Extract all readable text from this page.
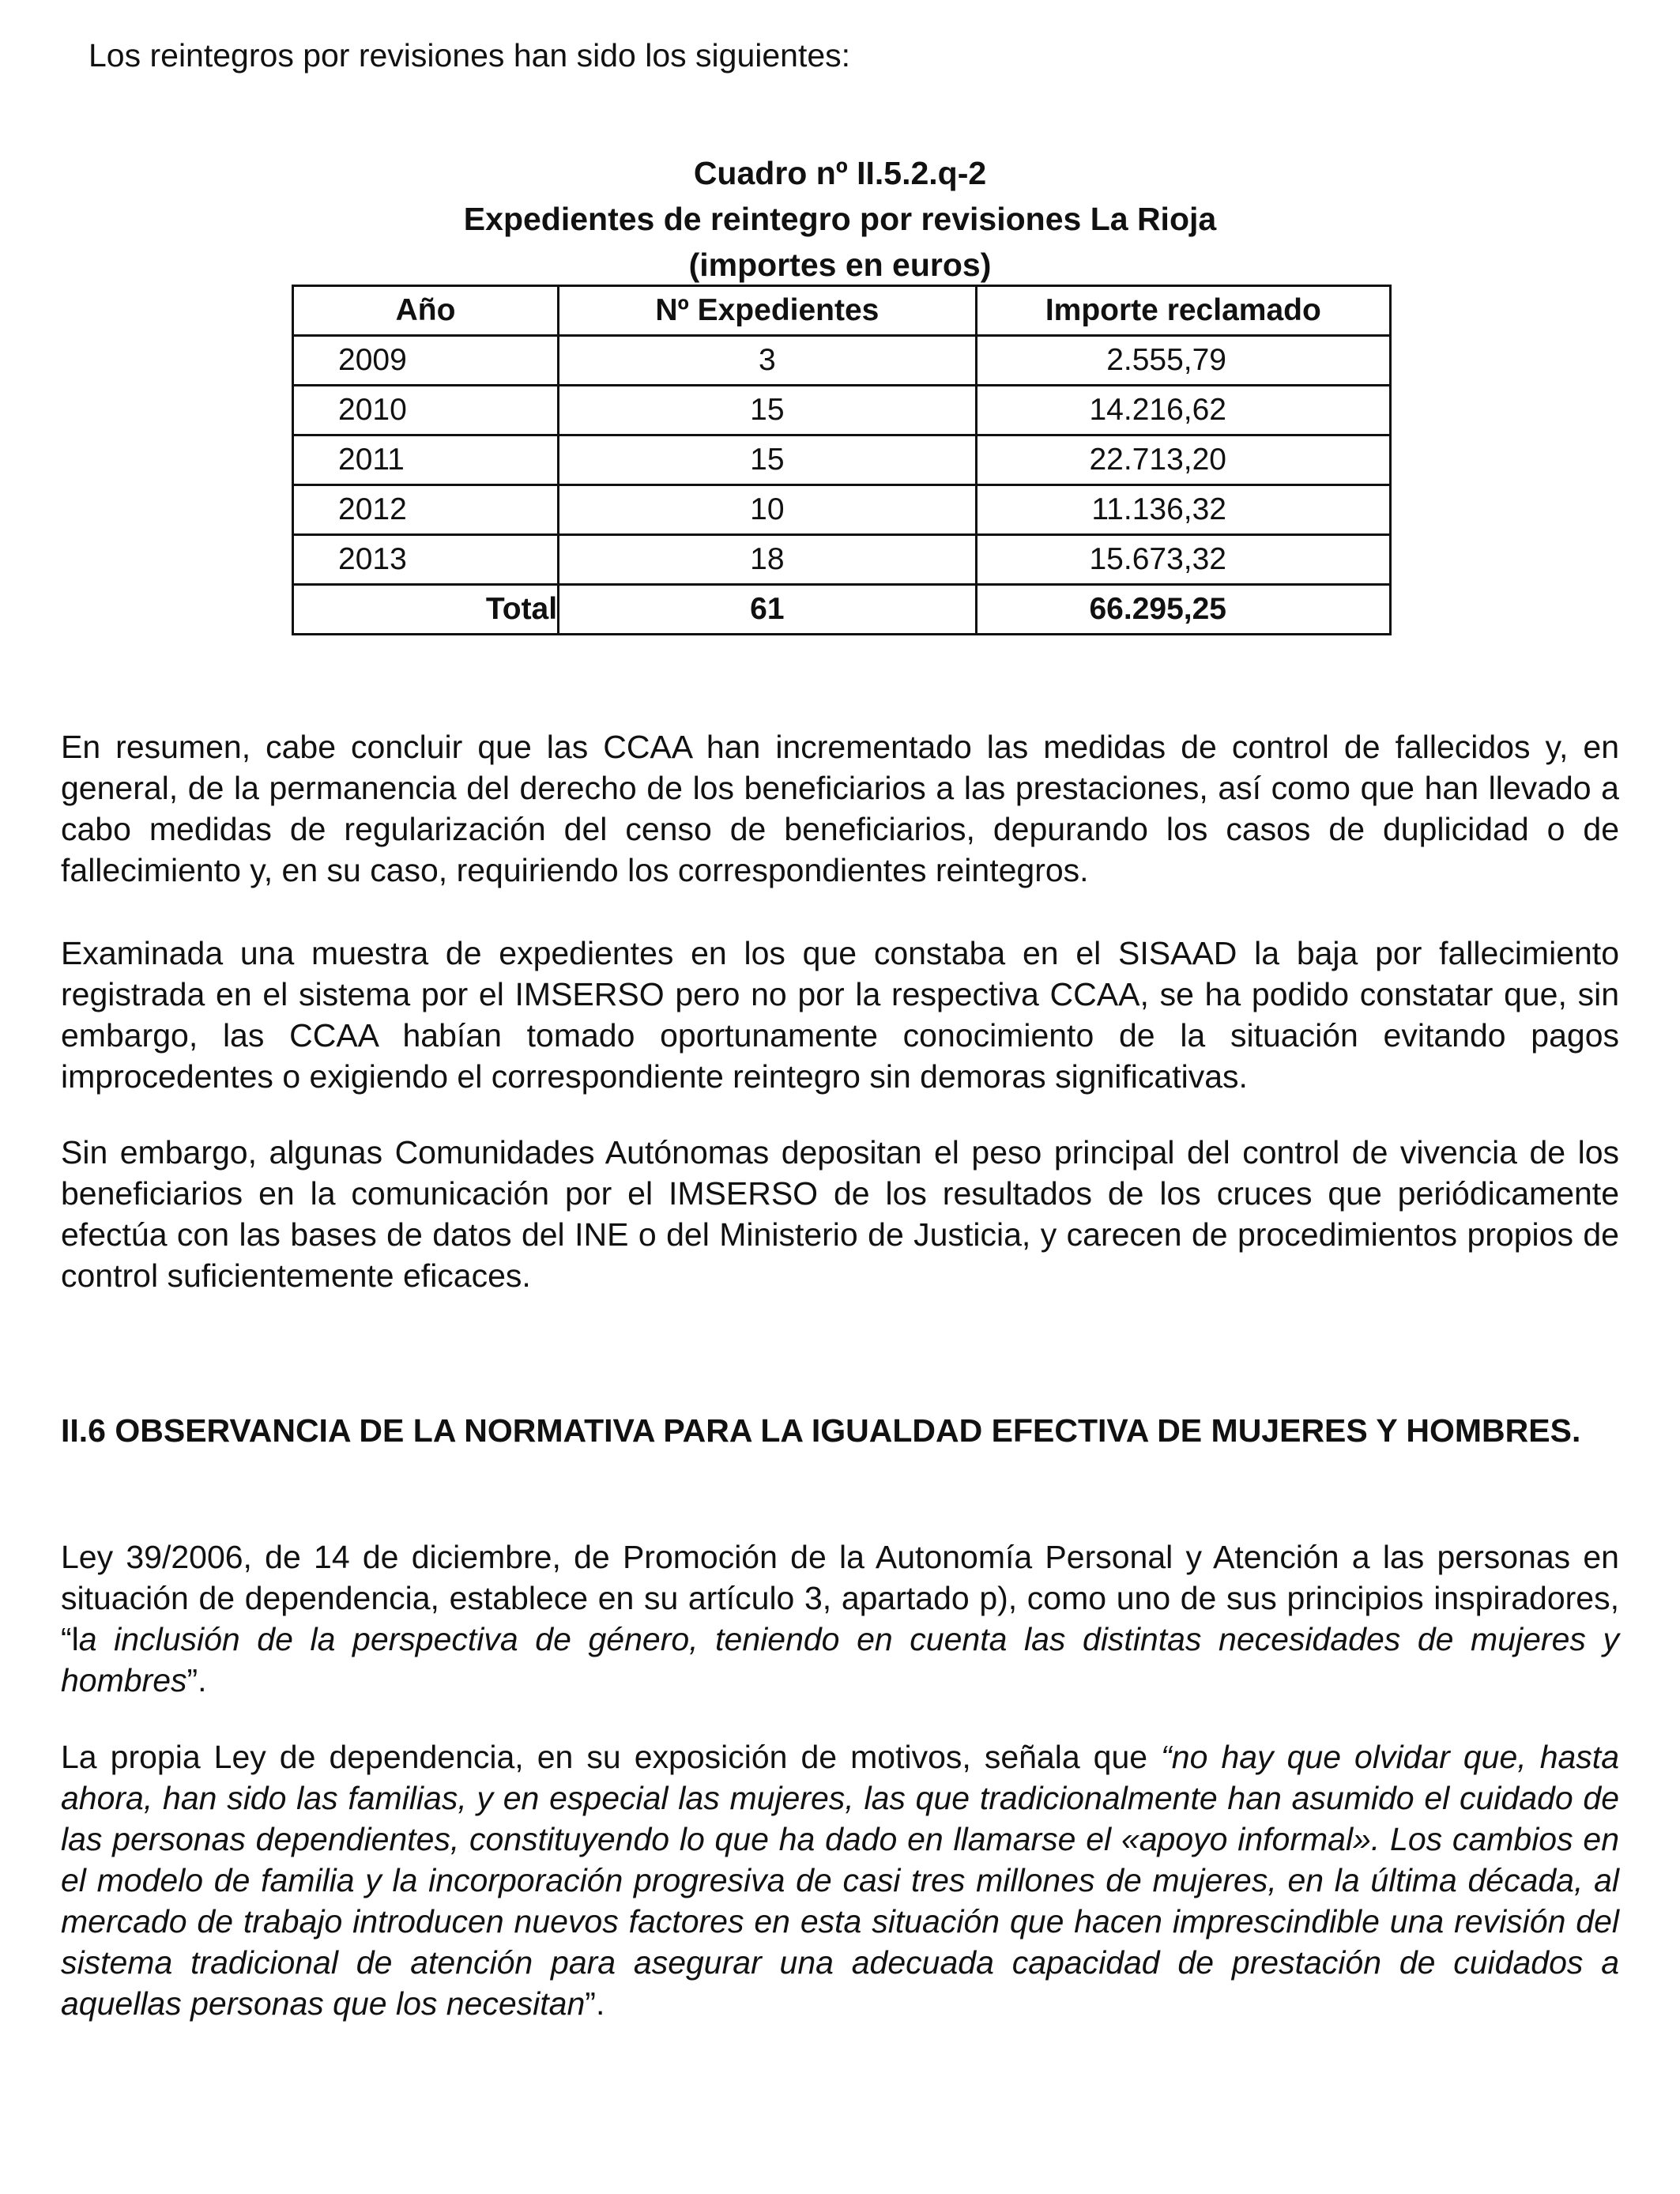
Los reintegros por revisiones han sido los siguientes:

Cuadro nº II.5.2.q-2
Expedientes de reintegro por revisiones La Rioja
(importes en euros)
Año	Nº Expedientes	Importe reclamado
2009	3	2.555,79
2010	15	14.216,62
2011	15	22.713,20
2012	10	11.136,32
2013	18	15.673,32
Total	61	66.295,25

En resumen, cabe concluir que las CCAA han incrementado las medidas de control de fallecidos y, en general, de la permanencia del derecho de los beneficiarios a las prestaciones, así como que han llevado a cabo medidas de regularización del censo de beneficiarios, depurando los casos de duplicidad o de fallecimiento y, en su caso, requiriendo los correspondientes reintegros.

Examinada una muestra de expedientes en los que constaba en el SISAAD la baja por fallecimiento registrada en el sistema por el IMSERSO pero no por la respectiva CCAA, se ha podido constatar que, sin embargo, las CCAA habían tomado oportunamente conocimiento de la situación evitando pagos improcedentes o exigiendo el correspondiente reintegro sin demoras significativas.

Sin embargo, algunas Comunidades Autónomas depositan el peso principal del control de vivencia de los beneficiarios en la comunicación por el IMSERSO de los resultados de los cruces que periódicamente efectúa con las bases de datos del INE o del Ministerio de Justicia, y carecen de procedimientos propios de control suficientemente eficaces.

II.6 OBSERVANCIA DE LA NORMATIVA PARA LA IGUALDAD EFECTIVA DE MUJERES Y HOMBRES.

Ley 39/2006, de 14 de diciembre, de Promoción de la Autonomía Personal y Atención a las personas en situación de dependencia, establece en su artículo 3, apartado p), como uno de sus principios inspiradores, “la inclusión de la perspectiva de género, teniendo en cuenta las distintas necesidades de mujeres y hombres”.

La propia Ley de dependencia, en su exposición de motivos, señala que “no hay que olvidar que, hasta ahora, han sido las familias, y en especial las mujeres, las que tradicionalmente han asumido el cuidado de las personas dependientes, constituyendo lo que ha dado en llamarse el «apoyo informal». Los cambios en el modelo de familia y la incorporación progresiva de casi tres millones de mujeres, en la última década, al mercado de trabajo introducen nuevos factores en esta situación que hacen imprescindible una revisión del sistema tradicional de atención para asegurar una adecuada capacidad de prestación de cuidados a aquellas personas que los necesitan”.
